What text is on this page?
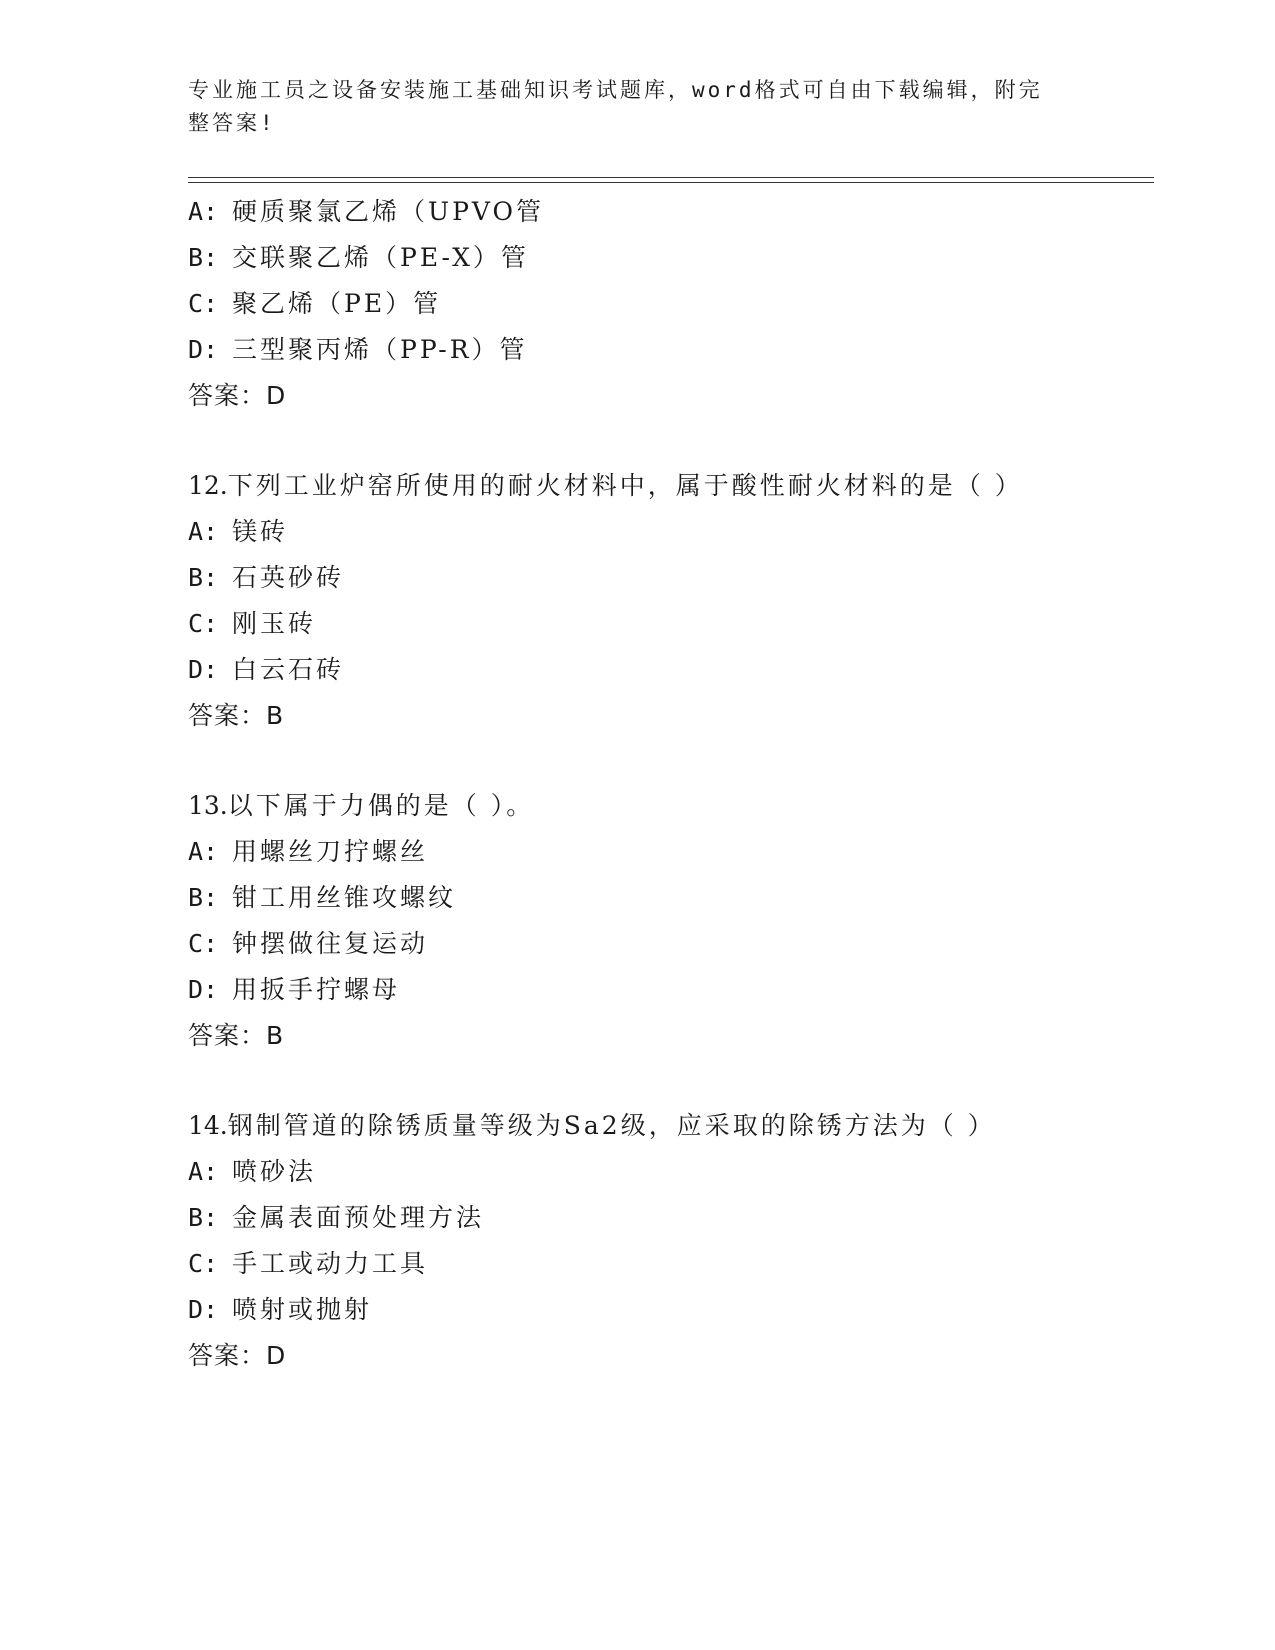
专业施工员之设备安装施工基础知识考试题库，word格式可自由下载编辑，附完
整答案!
A: 硬质聚氯乙烯（UPVO管
B: 交联聚乙烯（PE-X）管
C: 聚乙烯（PE）管
D: 三型聚丙烯（PP-R）管
答案：D
12.下列工业炉窑所使用的耐火材料中，属于酸性耐火材料的是（ ）
A: 镁砖
B: 石英砂砖
C: 刚玉砖
D: 白云石砖
答案：B
13.以下属于力偶的是（ ）。
A: 用螺丝刀拧螺丝
B: 钳工用丝锥攻螺纹
C: 钟摆做往复运动
D: 用扳手拧螺母
答案：B
14.钢制管道的除锈质量等级为Sa2级，应采取的除锈方法为（ ）
A: 喷砂法
B: 金属表面预处理方法
C: 手工或动力工具
D: 喷射或抛射
答案：D
